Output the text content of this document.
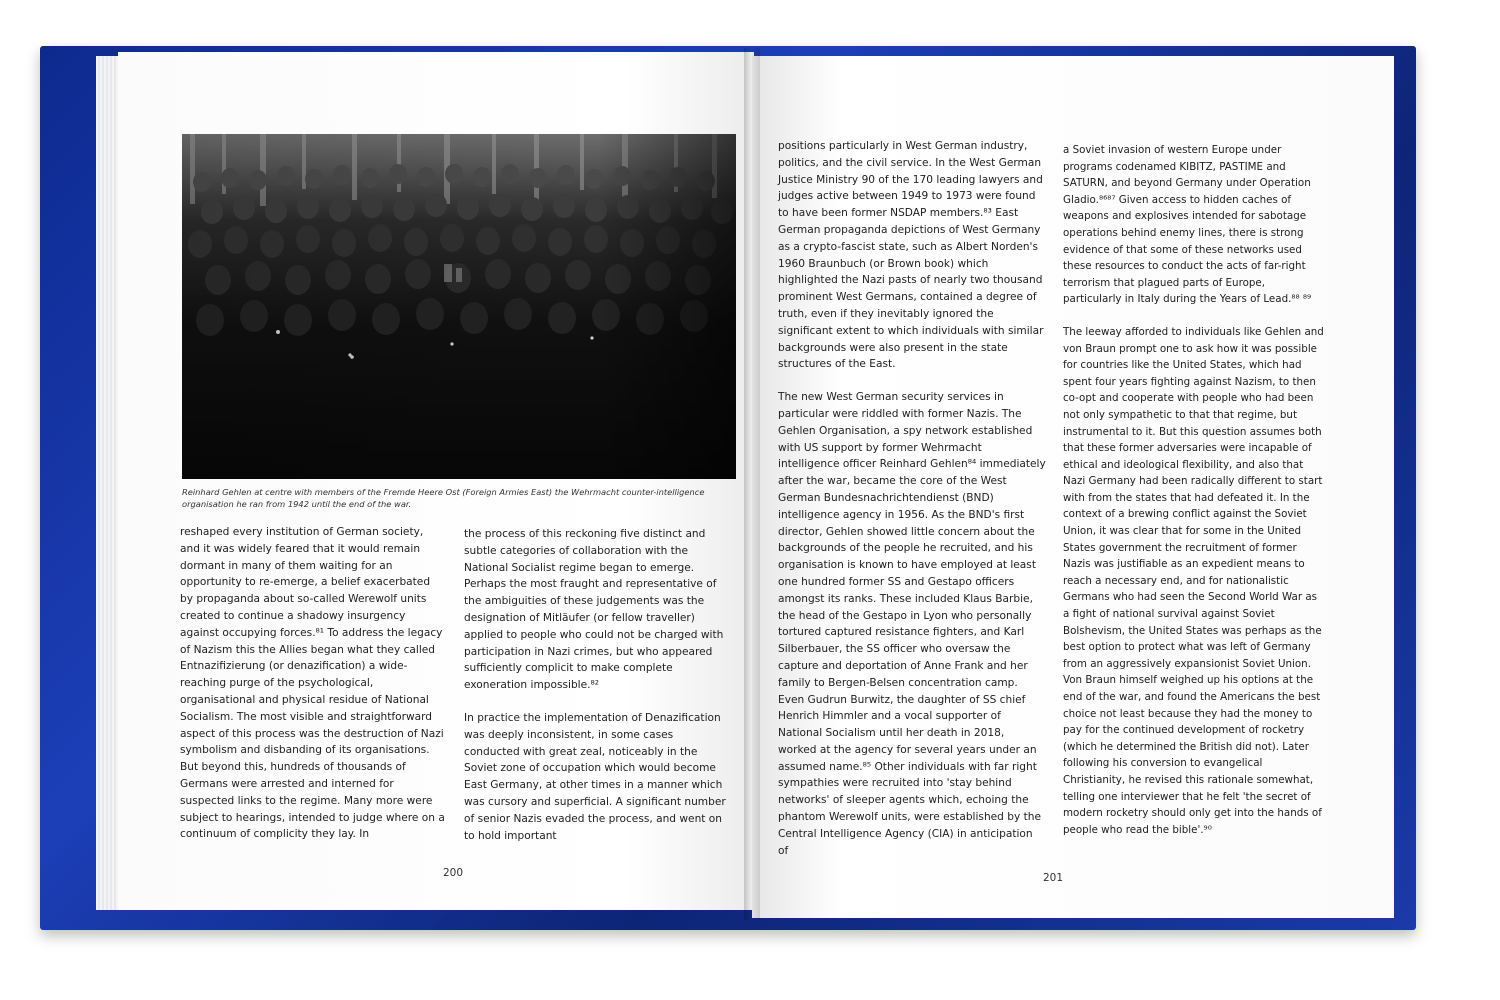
Reinhard Gehlen at centre with members of the Fremde Heere Ost (Foreign Armies East) the Wehrmacht counter-intelligence organisation he ran from 1942 until the end of the war.

reshaped every institution of German society, and it was widely feared that it would remain dormant in many of them waiting for an opportunity to re-emerge, a belief exacerbated by propaganda about so-called Werewolf units created to continue a shadowy insurgency against occupying forces.⁸¹ To address the legacy of Nazism this the Allies began what they called Entnazifizierung (or denazification) a wide-reaching purge of the psychological, organisational and physical residue of National Socialism. The most visible and straightforward aspect of this process was the destruction of Nazi symbolism and disbanding of its organisations. But beyond this, hundreds of thousands of Germans were arrested and interned for suspected links to the regime. Many more were subject to hearings, intended to judge where on a continuum of complicity they lay. In

the process of this reckoning five distinct and subtle categories of collaboration with the National Socialist regime began to emerge. Perhaps the most fraught and representative of the ambiguities of these judgements was the designation of Mitläufer (or fellow traveller) applied to people who could not be charged with participation in Nazi crimes, but who appeared sufficiently complicit to make complete exoneration impossible.⁸²

In practice the implementation of Denazification was deeply inconsistent, in some cases conducted with great zeal, noticeably in the Soviet zone of occupation which would become East Germany, at other times in a manner which was cursory and superficial. A significant number of senior Nazis evaded the process, and went on to hold important

200

positions particularly in West German industry, politics, and the civil service. In the West German Justice Ministry 90 of the 170 leading lawyers and judges active between 1949 to 1973 were found to have been former NSDAP members.⁸³ East German propaganda depictions of West Germany as a crypto-fascist state, such as Albert Norden's 1960 Braunbuch (or Brown book) which highlighted the Nazi pasts of nearly two thousand prominent West Germans, contained a degree of truth, even if they inevitably ignored the significant extent to which individuals with similar backgrounds were also present in the state structures of the East.

The new West German security services in particular were riddled with former Nazis. The Gehlen Organisation, a spy network established with US support by former Wehrmacht intelligence officer Reinhard Gehlen⁸⁴ immediately after the war, became the core of the West German Bundesnachrichtendienst (BND) intelligence agency in 1956. As the BND's first director, Gehlen showed little concern about the backgrounds of the people he recruited, and his organisation is known to have employed at least one hundred former SS and Gestapo officers amongst its ranks. These included Klaus Barbie, the head of the Gestapo in Lyon who personally tortured captured resistance fighters, and Karl Silberbauer, the SS officer who oversaw the capture and deportation of Anne Frank and her family to Bergen-Belsen concentration camp. Even Gudrun Burwitz, the daughter of SS chief Henrich Himmler and a vocal supporter of National Socialism until her death in 2018, worked at the agency for several years under an assumed name.⁸⁵ Other individuals with far right sympathies were recruited into 'stay behind networks' of sleeper agents which, echoing the phantom Werewolf units, were established by the Central Intelligence Agency (CIA) in anticipation of

a Soviet invasion of western Europe under programs codenamed KIBITZ, PASTIME and SATURN, and beyond Germany under Operation Gladio.⁸⁶⁸⁷ Given access to hidden caches of weapons and explosives intended for sabotage operations behind enemy lines, there is strong evidence of that some of these networks used these resources to conduct the acts of far-right terrorism that plagued parts of Europe, particularly in Italy during the Years of Lead.⁸⁸ ⁸⁹

The leeway afforded to individuals like Gehlen and von Braun prompt one to ask how it was possible for countries like the United States, which had spent four years fighting against Nazism, to then co-opt and cooperate with people who had been not only sympathetic to that that regime, but instrumental to it. But this question assumes both that these former adversaries were incapable of ethical and ideological flexibility, and also that Nazi Germany had been radically different to start with from the states that had defeated it. In the context of a brewing conflict against the Soviet Union, it was clear that for some in the United States government the recruitment of former Nazis was justifiable as an expedient means to reach a necessary end, and for nationalistic Germans who had seen the Second World War as a fight of national survival against Soviet Bolshevism, the United States was perhaps as the best option to protect what was left of Germany from an aggressively expansionist Soviet Union. Von Braun himself weighed up his options at the end of the war, and found the Americans the best choice not least because they had the money to pay for the continued development of rocketry (which he determined the British did not). Later following his conversion to evangelical Christianity, he revised this rationale somewhat, telling one interviewer that he felt 'the secret of modern rocketry should only get into the hands of people who read the bible'.⁹⁰

201
